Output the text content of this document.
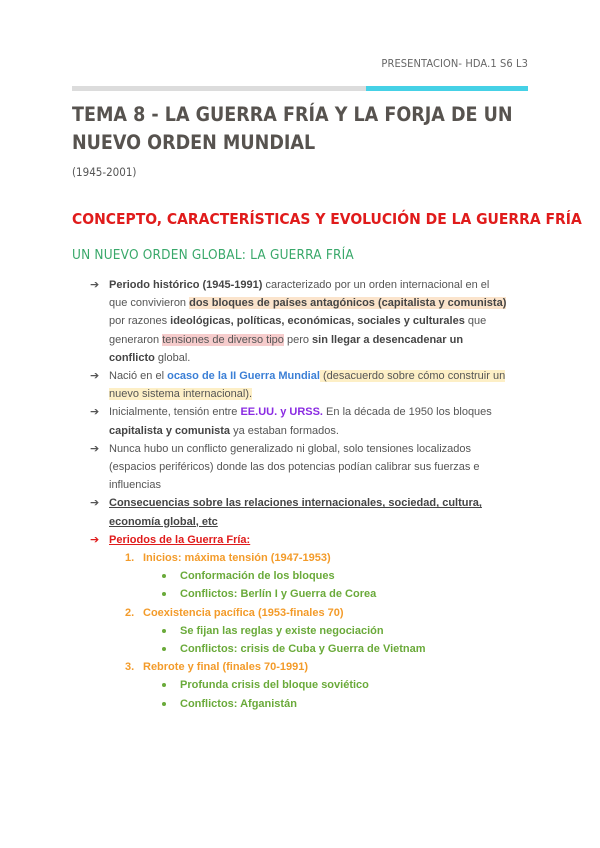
PRESENTACION- HDA.1 S6 L3
TEMA 8 - LA GUERRA FRÍA Y LA FORJA DE UN NUEVO ORDEN MUNDIAL
(1945-2001)
CONCEPTO, CARACTERÍSTICAS Y EVOLUCIÓN DE LA GUERRA FRÍA
UN NUEVO ORDEN GLOBAL: LA GUERRA FRÍA
➔ Periodo histórico (1945-1991) caracterizado por un orden internacional en el que convivieron dos bloques de países antagónicos (capitalista y comunista) por razones ideológicas, políticas, económicas, sociales y culturales que generaron tensiones de diverso tipo pero sin llegar a desencadenar un conflicto global.
➔ Nació en el ocaso de la II Guerra Mundial (desacuerdo sobre cómo construir un nuevo sistema internacional).
➔ Inicialmente, tensión entre EE.UU. y URSS. En la década de 1950 los bloques capitalista y comunista ya estaban formados.
➔ Nunca hubo un conflicto generalizado ni global, solo tensiones localizados (espacios periféricos) donde las dos potencias podían calibrar sus fuerzas e influencias
➔ Consecuencias sobre las relaciones internacionales, sociedad, cultura, economía global, etc
➔ Periodos de la Guerra Fría:
1. Inicios: máxima tensión (1947-1953)
Conformación de los bloques
Conflictos: Berlín I y Guerra de Corea
2. Coexistencia pacífica (1953-finales 70)
Se fijan las reglas y existe negociación
Conflictos: crisis de Cuba y Guerra de Vietnam
3. Rebrote y final (finales 70-1991)
Profunda crisis del bloque soviético
Conflictos: Afganistán
